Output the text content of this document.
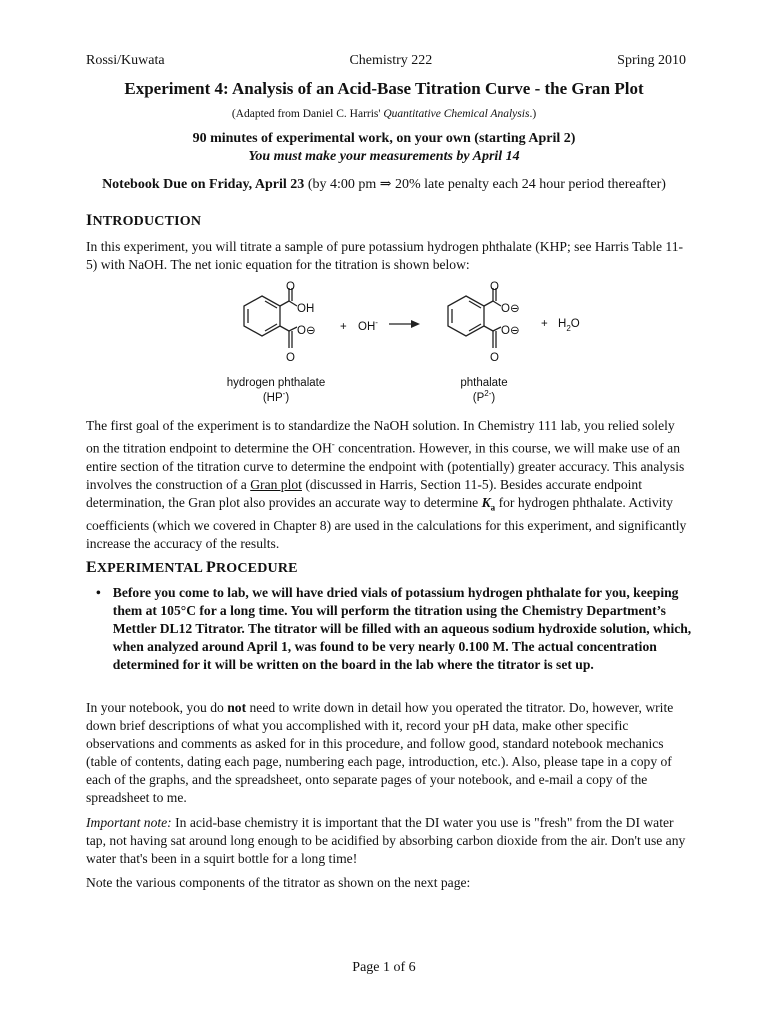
Rossi/Kuwata	Chemistry 222	Spring 2010
Experiment 4: Analysis of an Acid-Base Titration Curve - the Gran Plot
(Adapted from Daniel C. Harris' Quantitative Chemical Analysis.)
90 minutes of experimental work, on your own (starting April 2)
You must make your measurements by April 14
Notebook Due on Friday, April 23 (by 4:00 pm ⇒ 20% late penalty each 24 hour period thereafter)
INTRODUCTION
In this experiment, you will titrate a sample of pure potassium hydrogen phthalate (KHP; see Harris Table 11-5) with NaOH. The net ionic equation for the titration is shown below:
O
OH
O⊖
O
+ OH-
O
O⊖
O⊖
O
+ $H_2O$
hydrogen phthalate
(HP-)
phthalate
$(P^{2-})$
The first goal of the experiment is to standardize the NaOH solution. In Chemistry 111 lab, you relied solely on the titration endpoint to determine the OH- concentration. However, in this course, we will make use of an entire section of the titration curve to determine the endpoint with (potentially) greater accuracy. This analysis involves the construction of a Gran plot (discussed in Harris, Section 11-5). Besides accurate endpoint determination, the Gran plot also provides an accurate way to determine $K_a$ for hydrogen phthalate. Activity coefficients (which we covered in Chapter 8) are used in the calculations for this experiment, and significantly increase the accuracy of the results.
EXPERIMENTAL PROCEDURE
• Before you come to lab, we will have dried vials of potassium hydrogen phthalate for you, keeping them at 105°C for a long time. You will perform the titration using the Chemistry Department’s Mettler DL12 Titrator. The titrator will be filled with an aqueous sodium hydroxide solution, which, when analyzed around April 1, was found to be very nearly 0.100 M. The actual concentration determined for it will be written on the board in the lab where the titrator is set up.
In your notebook, you do not need to write down in detail how you operated the titrator. Do, however, write down brief descriptions of what you accomplished with it, record your pH data, make other specific observations and comments as asked for in this procedure, and follow good, standard notebook mechanics (table of contents, dating each page, numbering each page, introduction, etc.). Also, please tape in a copy of each of the graphs, and the spreadsheet, onto separate pages of your notebook, and e-mail a copy of the spreadsheet to me.
Important note: In acid-base chemistry it is important that the DI water you use is "fresh" from the DI water tap, not having sat around long enough to be acidified by absorbing carbon dioxide from the air. Don't use any water that's been in a squirt bottle for a long time!
Note the various components of the titrator as shown on the next page:
Page 1 of 6
